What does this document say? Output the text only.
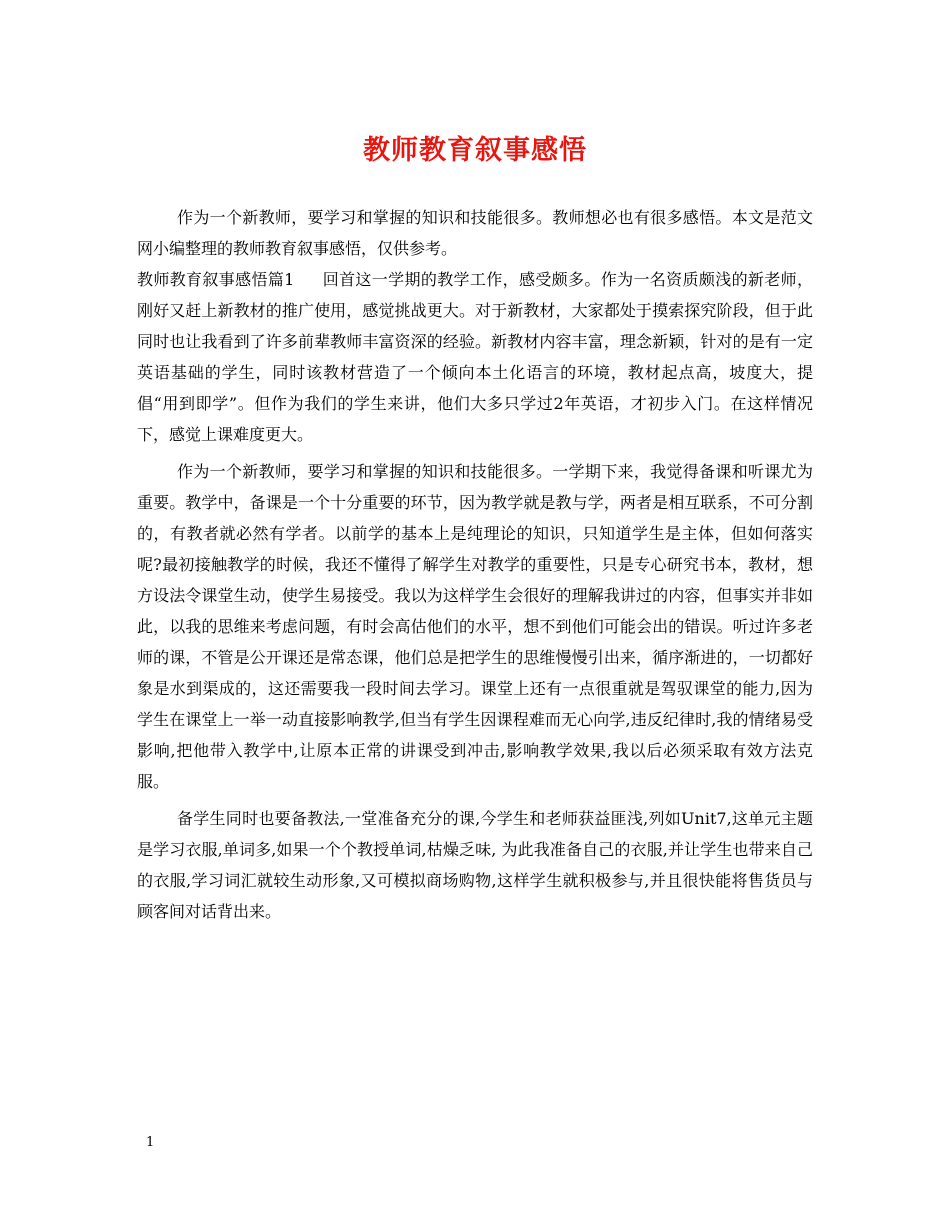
教师教育叙事感悟

作为一个新教师，要学习和掌握的知识和技能很多。教师想必也有很多感悟。本文是范文网小编整理的教师教育叙事感悟，仅供参考。

教师教育叙事感悟篇1 回首这一学期的教学工作，感受颇多。作为一名资质颇浅的新老师，刚好又赶上新教材的推广使用，感觉挑战更大。对于新教材，大家都处于摸索探究阶段，但于此同时也让我看到了许多前辈教师丰富资深的经验。新教材内容丰富，理念新颖，针对的是有一定英语基础的学生，同时该教材营造了一个倾向本土化语言的环境，教材起点高，坡度大，提倡“用到即学”。但作为我们的学生来讲，他们大多只学过2年英语，才初步入门。在这样情况下，感觉上课难度更大。

作为一个新教师，要学习和掌握的知识和技能很多。一学期下来，我觉得备课和听课尤为重要。教学中，备课是一个十分重要的环节，因为教学就是教与学，两者是相互联系，不可分割的，有教者就必然有学者。以前学的基本上是纯理论的知识，只知道学生是主体，但如何落实呢?最初接触教学的时候，我还不懂得了解学生对教学的重要性，只是专心研究书本，教材，想方设法令课堂生动，使学生易接受。我以为这样学生会很好的理解我讲过的内容，但事实并非如此，以我的思维来考虑问题，有时会高估他们的水平，想不到他们可能会出的错误。听过许多老师的课，不管是公开课还是常态课，他们总是把学生的思维慢慢引出来，循序渐进的，一切都好象是水到渠成的，这还需要我一段时间去学习。课堂上还有一点很重就是驾驭课堂的能力,因为学生在课堂上一举一动直接影响教学,但当有学生因课程难而无心向学,违反纪律时,我的情绪易受影响,把他带入教学中,让原本正常的讲课受到冲击,影响教学效果,我以后必须采取有效方法克服。

备学生同时也要备教法,一堂准备充分的课,今学生和老师获益匪浅,列如Unit7,这单元主题是学习衣服,单词多,如果一个个教授单词,枯燥乏味, 为此我准备自己的衣服,并让学生也带来自己的衣服,学习词汇就较生动形象,又可模拟商场购物,这样学生就积极参与,并且很快能将售货员与顾客间对话背出来。

1
